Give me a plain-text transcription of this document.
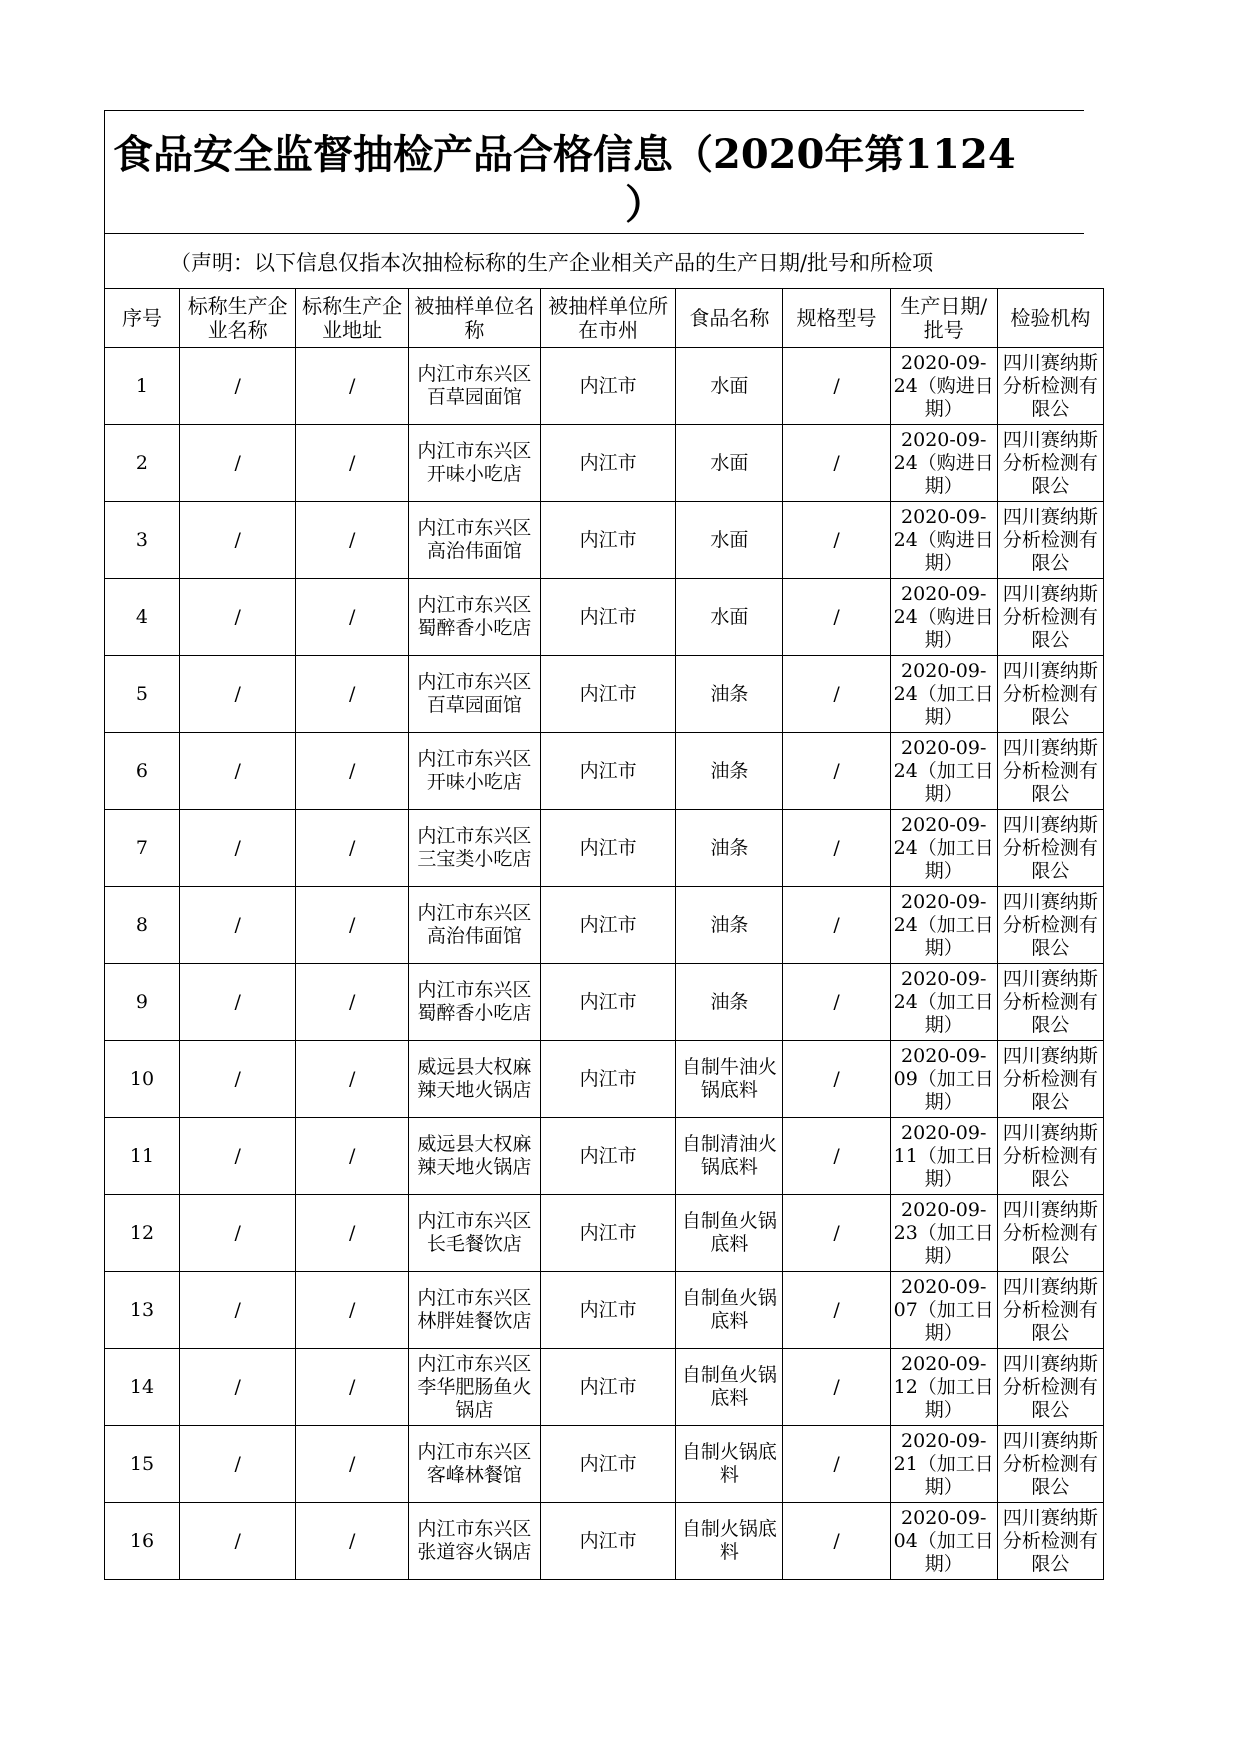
食品安全监督抽检产品合格信息（2020年第1124
）
（声明：以下信息仅指本次抽检标称的生产企业相关产品的生产日期/批号和所检项
序号	标称生产企业名称	标称生产企业地址	被抽样单位名称	被抽样单位所在市州	食品名称	规格型号	生产日期/批号	检验机构
1	/	/	内江市东兴区百草园面馆	内江市	水面	/	2020-09-24（购进日期）	四川赛纳斯分析检测有限公
2	/	/	内江市东兴区开味小吃店	内江市	水面	/	2020-09-24（购进日期）	四川赛纳斯分析检测有限公
3	/	/	内江市东兴区高治伟面馆	内江市	水面	/	2020-09-24（购进日期）	四川赛纳斯分析检测有限公
4	/	/	内江市东兴区蜀醉香小吃店	内江市	水面	/	2020-09-24（购进日期）	四川赛纳斯分析检测有限公
5	/	/	内江市东兴区百草园面馆	内江市	油条	/	2020-09-24（加工日期）	四川赛纳斯分析检测有限公
6	/	/	内江市东兴区开味小吃店	内江市	油条	/	2020-09-24（加工日期）	四川赛纳斯分析检测有限公
7	/	/	内江市东兴区三宝类小吃店	内江市	油条	/	2020-09-24（加工日期）	四川赛纳斯分析检测有限公
8	/	/	内江市东兴区高治伟面馆	内江市	油条	/	2020-09-24（加工日期）	四川赛纳斯分析检测有限公
9	/	/	内江市东兴区蜀醉香小吃店	内江市	油条	/	2020-09-24（加工日期）	四川赛纳斯分析检测有限公
10	/	/	威远县大权麻辣天地火锅店	内江市	自制牛油火锅底料	/	2020-09-09（加工日期）	四川赛纳斯分析检测有限公
11	/	/	威远县大权麻辣天地火锅店	内江市	自制清油火锅底料	/	2020-09-11（加工日期）	四川赛纳斯分析检测有限公
12	/	/	内江市东兴区长毛餐饮店	内江市	自制鱼火锅底料	/	2020-09-23（加工日期）	四川赛纳斯分析检测有限公
13	/	/	内江市东兴区林胖娃餐饮店	内江市	自制鱼火锅底料	/	2020-09-07（加工日期）	四川赛纳斯分析检测有限公
14	/	/	内江市东兴区李华肥肠鱼火锅店	内江市	自制鱼火锅底料	/	2020-09-12（加工日期）	四川赛纳斯分析检测有限公
15	/	/	内江市东兴区客峰林餐馆	内江市	自制火锅底料	/	2020-09-21（加工日期）	四川赛纳斯分析检测有限公
16	/	/	内江市东兴区张道容火锅店	内江市	自制火锅底料	/	2020-09-04（加工日期）	四川赛纳斯分析检测有限公
